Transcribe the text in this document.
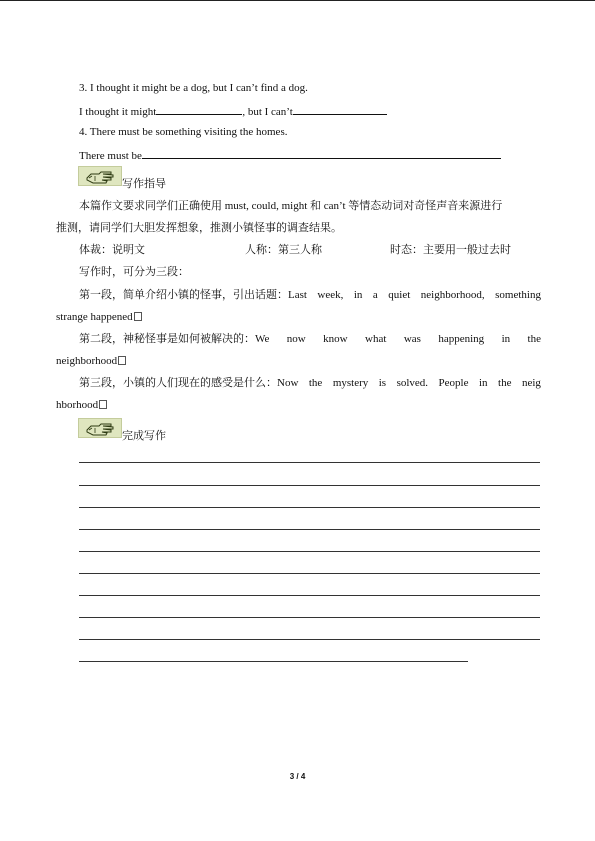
3. I thought it might be a dog, but I can’t find a dog.
I thought it might	, but I can’t
4. There must be something visiting the homes.
There must be
写作指导
本篇作文要求同学们正确使用 must, could, might 和 can’t 等情态动词对奇怪声音来源进行
推测，请同学们大胆发挥想象，推测小镇怪事的调查结果。
体裁：说明文	人称：第三人称	时态：主要用一般过去时
写作时，可分为三段：
第一段，简单介绍小镇的怪事，引出话题：Last week, in a quiet neighborhood, something
strange happened
第二段，神秘怪事是如何被解决的：We now know what was happening in the
neighborhood
第三段，小镇的人们现在的感受是什么：Now the mystery is solved. People in the neig
hborhood
完成写作
3 / 4
